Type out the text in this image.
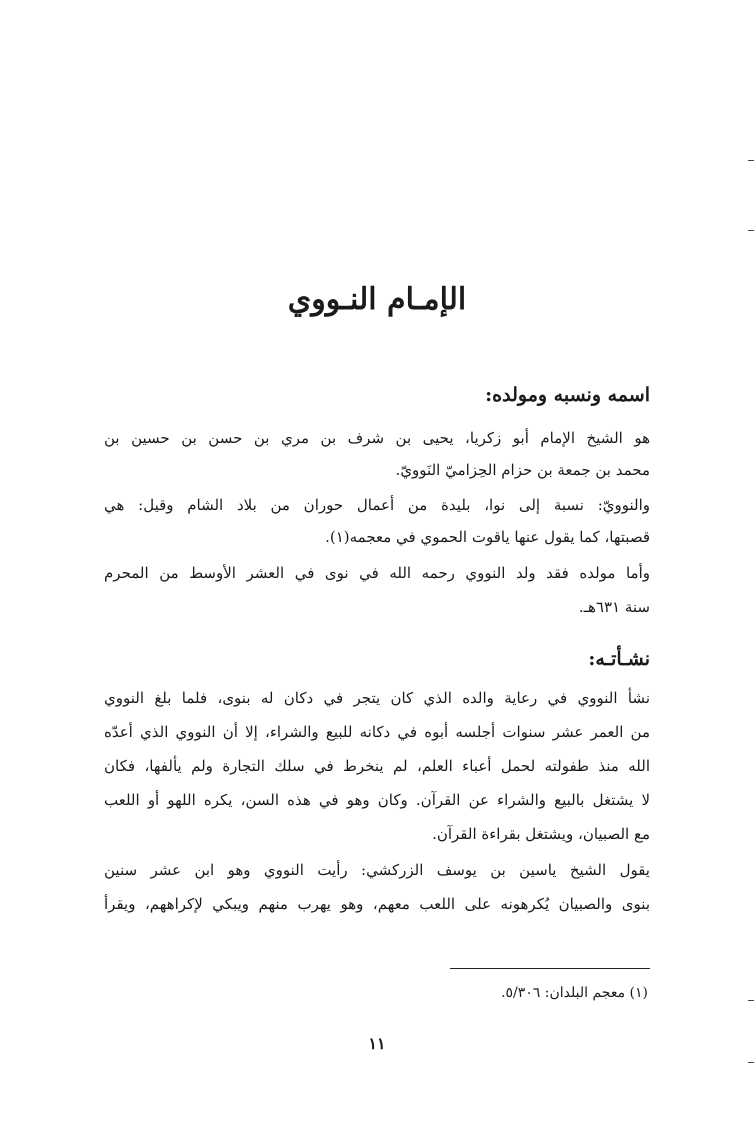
الإمـام النـووي
اسمه ونسبه ومولده:
هو الشيخ الإمام أبو زكريا، يحيى بن شرف بن مري بن حسن بن حسين بن
محمد بن جمعة بن حزام الحِزاميّ النَوويّ.
والنوويّ: نسبة إلى نوا، بليدة من أعمال حوران من بلاد الشام وقيل: هي
قصبتها، كما يقول عنها ياقوت الحموي في معجمه(١).
وأما مولده فقد ولد النووي رحمه الله في نوى في العشر الأوسط من المحرم
سنة ٦٣١هـ.
نشـأتـه:
نشأ النووي في رعاية والده الذي كان يتجر في دكان له بنوى، فلما بلغ النووي
من العمر عشر سنوات أجلسه أبوه في دكانه للبيع والشراء، إلا أن النووي الذي أعدّه
الله منذ طفولته لحمل أعباء العلم، لم ينخرط في سلك التجارة ولم يألفها، فكان
لا يشتغل بالبيع والشراء عن القرآن. وكان وهو في هذه السن، يكره اللهو أو اللعب
مع الصبيان، ويشتغل بقراءة القرآن.
يقول الشيخ ياسين بن يوسف الزركشي: رأيت النووي وهو ابن عشر سنين
بنوى والصبيان يُكرهونه على اللعب معهم، وهو يهرب منهم ويبكي لإكراههم، ويقرأ
(١) معجم البلدان: ٥/٣٠٦.
١١
